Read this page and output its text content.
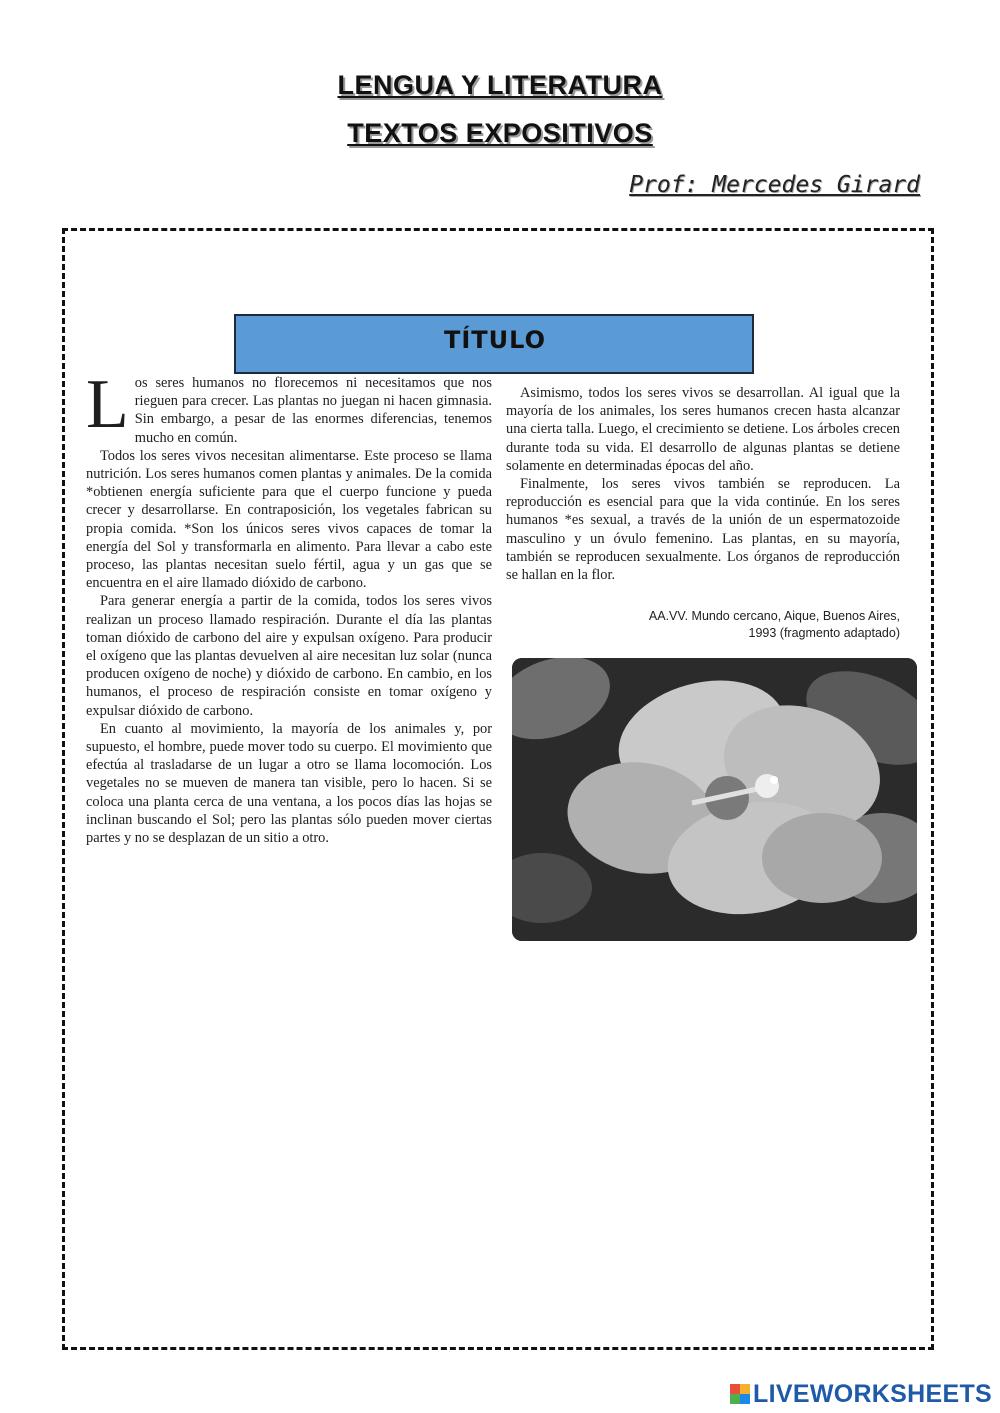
LENGUA Y LITERATURA
TEXTOS EXPOSITIVOS
Prof: Mercedes Girard
TÍTULO

Los seres humanos no florecemos ni necesitamos que nos rieguen para crecer. Las plantas no juegan ni hacen gimnasia. Sin embargo, a pesar de las enormes diferencias, tenemos mucho en común.

Todos los seres vivos necesitan alimentarse. Este proceso se llama nutrición. Los seres humanos comen plantas y animales. De la comida *obtienen energía suficiente para que el cuerpo funcione y pueda crecer y desarrollarse. En contraposición, los vegetales fabrican su propia comida. *Son los únicos seres vivos capaces de tomar la energía del Sol y transformarla en alimento. Para llevar a cabo este proceso, las plantas necesitan suelo fértil, agua y un gas que se encuentra en el aire llamado dióxido de carbono.

Para generar energía a partir de la comida, todos los seres vivos realizan un proceso llamado respiración. Durante el día las plantas toman dióxido de carbono del aire y expulsan oxígeno. Para producir el oxígeno que las plantas devuelven al aire necesitan luz solar (nunca producen oxígeno de noche) y dióxido de carbono. En cambio, en los humanos, el proceso de respiración consiste en tomar oxígeno y expulsar dióxido de carbono.

En cuanto al movimiento, la mayoría de los animales y, por supuesto, el hombre, puede mover todo su cuerpo. El movimiento que efectúa al trasladarse de un lugar a otro se llama locomoción. Los vegetales no se mueven de manera tan visible, pero lo hacen. Si se coloca una planta cerca de una ventana, a los pocos días las hojas se inclinan buscando el Sol; pero las plantas sólo pueden mover ciertas partes y no se desplazan de un sitio a otro.

Asimismo, todos los seres vivos se desarrollan. Al igual que la mayoría de los animales, los seres humanos crecen hasta alcanzar una cierta talla. Luego, el crecimiento se detiene. Los árboles crecen durante toda su vida. El desarrollo de algunas plantas se detiene solamente en determinadas épocas del año.

Finalmente, los seres vivos también se reproducen. La reproducción es esencial para que la vida continúe. En los seres humanos *es sexual, a través de la unión de un espermatozoide masculino y un óvulo femenino. Las plantas, en su mayoría, también se reproducen sexualmente. Los órganos de reproducción se hallan en la flor.

AA.VV. Mundo cercano, Aique, Buenos Aires,
1993 (fragmento adaptado)
LIVEWORKSHEETS
